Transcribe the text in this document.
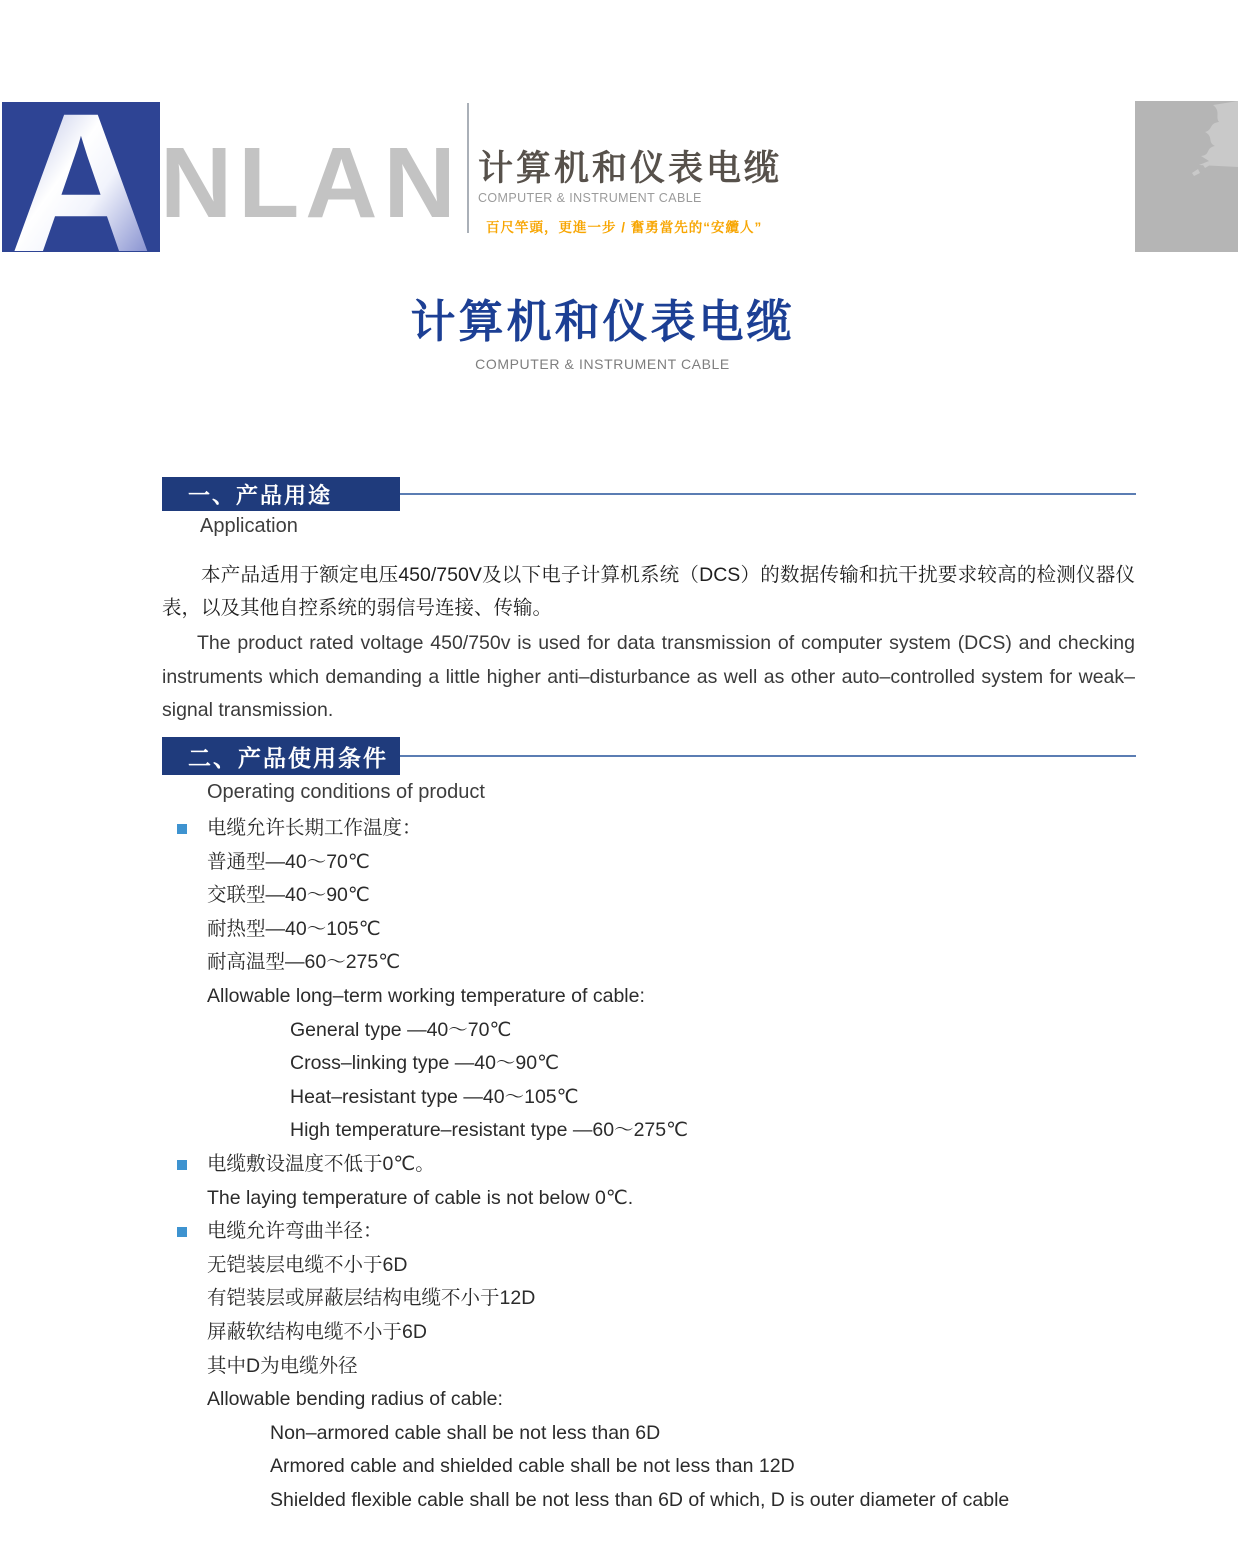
A NLAN 计算机和仪表电缆
COMPUTER & INSTRUMENT CABLE
百尺竿頭，更進一步 / 奮勇當先的“安纜人”
计算机和仪表电缆
COMPUTER & INSTRUMENT CABLE
一、产品用途
Application
本产品适用于额定电压450/750V及以下电子计算机系统（DCS）的数据传输和抗干扰要求较高的检测仪器仪表，以及其他自控系统的弱信号连接、传输。
The product rated voltage 450/750v is used for data transmission of computer system (DCS) and checking instruments which demanding a little higher anti–disturbance as well as other auto–controlled system for weak–signal transmission.
二、产品使用条件
Operating conditions of product
电缆允许长期工作温度：
普通型—40～70℃
交联型—40～90℃
耐热型—40～105℃
耐高温型—60～275℃
Allowable long–term working temperature of cable:
General type —40～70℃
Cross–linking type —40～90℃
Heat–resistant type —40～105℃
High temperature–resistant type —60～275℃
电缆敷设温度不低于0℃。
The laying temperature of cable is not below 0℃.
电缆允许弯曲半径：
无铠装层电缆不小于6D
有铠装层或屏蔽层结构电缆不小于12D
屏蔽软结构电缆不小于6D
其中D为电缆外径
Allowable bending radius of cable:
Non–armored cable shall be not less than 6D
Armored cable and shielded cable shall be not less than 12D
Shielded flexible cable shall be not less than 6D of which, D is outer diameter of cable
